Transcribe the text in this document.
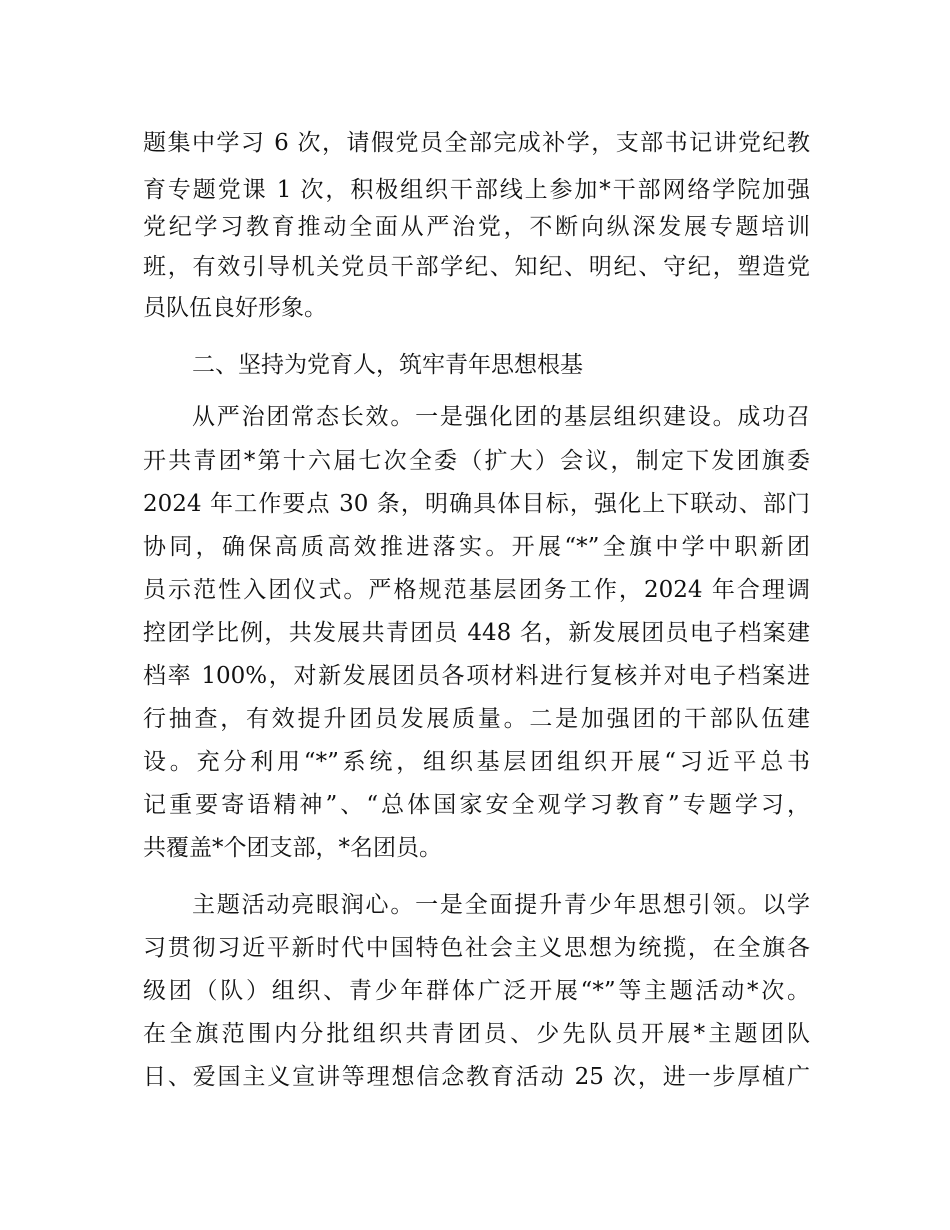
题集中学习 6 次，请假党员全部完成补学，支部书记讲党纪教
育专题党课 1 次，积极组织干部线上参加*干部网络学院加强
党纪学习教育推动全面从严治党，不断向纵深发展专题培训
班，有效引导机关党员干部学纪、知纪、明纪、守纪，塑造党
员队伍良好形象。
二、坚持为党育人，筑牢青年思想根基
从严治团常态长效。一是强化团的基层组织建设。成功召
开共青团*第十六届七次全委（扩大）会议，制定下发团旗委
2024 年工作要点 30 条，明确具体目标，强化上下联动、部门
协同，确保高质高效推进落实。开展“*”全旗中学中职新团
员示范性入团仪式。严格规范基层团务工作，2024 年合理调
控团学比例，共发展共青团员 448 名，新发展团员电子档案建
档率 100%，对新发展团员各项材料进行复核并对电子档案进
行抽查，有效提升团员发展质量。二是加强团的干部队伍建
设。充分利用“*”系统，组织基层团组织开展“习近平总书
记重要寄语精神”、“总体国家安全观学习教育”专题学习，
共覆盖*个团支部，*名团员。
主题活动亮眼润心。一是全面提升青少年思想引领。以学
习贯彻习近平新时代中国特色社会主义思想为统揽，在全旗各
级团（队）组织、青少年群体广泛开展“*”等主题活动*次。
在全旗范围内分批组织共青团员、少先队员开展*主题团队
日、爱国主义宣讲等理想信念教育活动 25 次，进一步厚植广
